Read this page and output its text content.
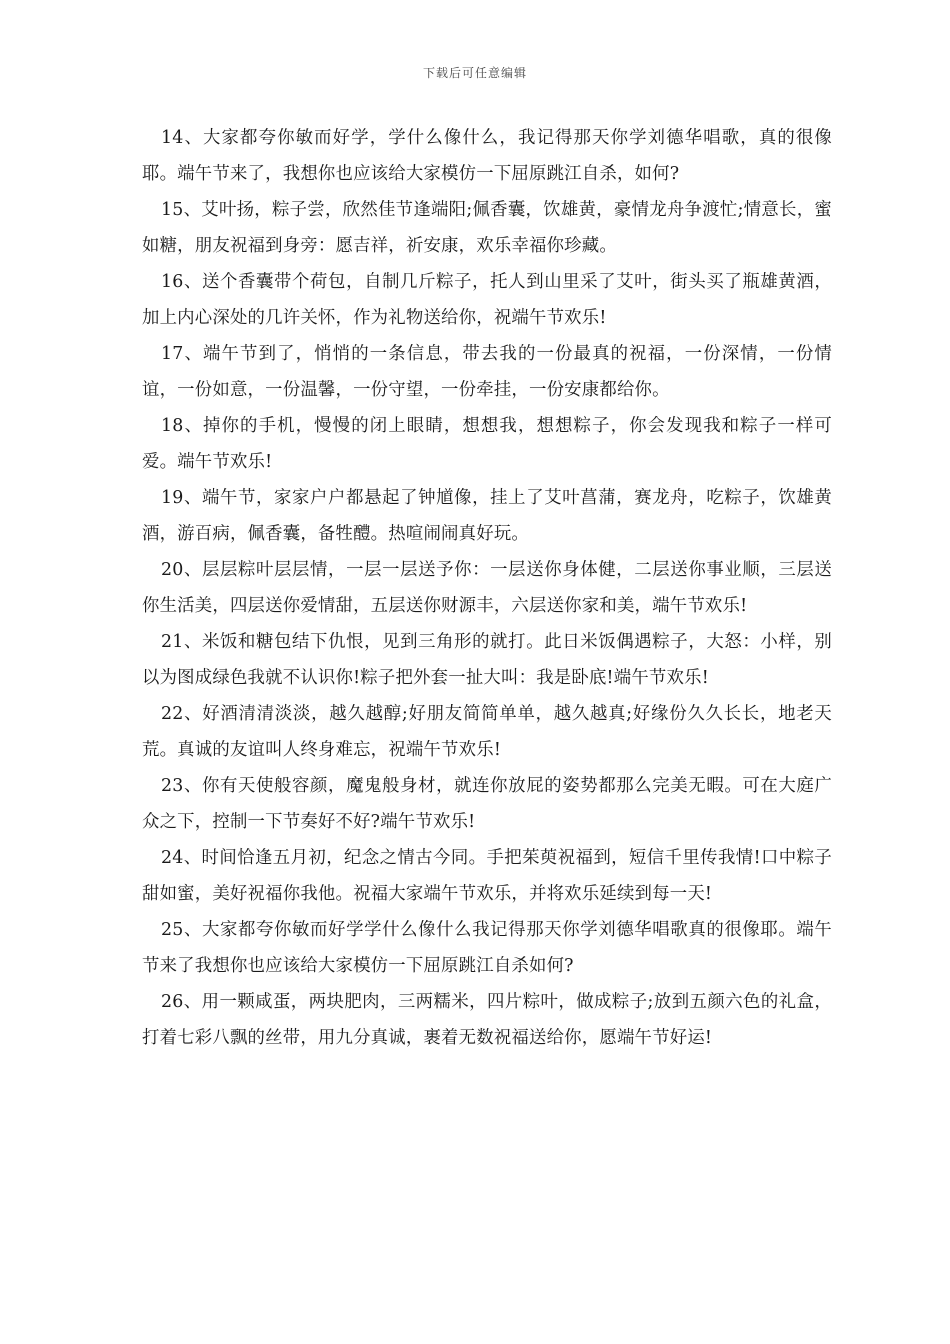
下载后可任意编辑

14、大家都夸你敏而好学，学什么像什么，我记得那天你学刘德华唱歌，真的很像耶。端午节来了，我想你也应该给大家模仿一下屈原跳江自杀，如何?

15、艾叶扬，粽子尝，欣然佳节逢端阳;佩香囊，饮雄黄，豪情龙舟争渡忙;情意长，蜜如糖，朋友祝福到身旁：愿吉祥，祈安康，欢乐幸福你珍藏。

16、送个香囊带个荷包，自制几斤粽子，托人到山里采了艾叶，街头买了瓶雄黄酒，加上内心深处的几许关怀，作为礼物送给你，祝端午节欢乐!

17、端午节到了，悄悄的一条信息，带去我的一份最真的祝福，一份深情，一份情谊，一份如意，一份温馨，一份守望，一份牵挂，一份安康都给你。

18、掉你的手机，慢慢的闭上眼睛，想想我，想想粽子，你会发现我和粽子一样可爱。端午节欢乐!

19、端午节，家家户户都悬起了钟馗像，挂上了艾叶菖蒲，赛龙舟，吃粽子，饮雄黄酒，游百病，佩香囊，备牲醴。热喧闹闹真好玩。

20、层层粽叶层层情，一层一层送予你：一层送你身体健，二层送你事业顺，三层送你生活美，四层送你爱情甜，五层送你财源丰，六层送你家和美，端午节欢乐!

21、米饭和糖包结下仇恨，见到三角形的就打。此日米饭偶遇粽子，大怒：小样，别以为图成绿色我就不认识你!粽子把外套一扯大叫：我是卧底!端午节欢乐!

22、好酒清清淡淡，越久越醇;好朋友简简单单，越久越真;好缘份久久长长，地老天荒。真诚的友谊叫人终身难忘，祝端午节欢乐!

23、你有天使般容颜，魔鬼般身材，就连你放屁的姿势都那么完美无暇。可在大庭广众之下，控制一下节奏好不好?端午节欢乐!

24、时间恰逢五月初，纪念之情古今同。手把茱萸祝福到，短信千里传我情!口中粽子甜如蜜，美好祝福你我他。祝福大家端午节欢乐，并将欢乐延续到每一天!

25、大家都夸你敏而好学学什么像什么我记得那天你学刘德华唱歌真的很像耶。端午节来了我想你也应该给大家模仿一下屈原跳江自杀如何?

26、用一颗咸蛋，两块肥肉，三两糯米，四片粽叶，做成粽子;放到五颜六色的礼盒，打着七彩八飘的丝带，用九分真诚，裹着无数祝福送给你，愿端午节好运!
